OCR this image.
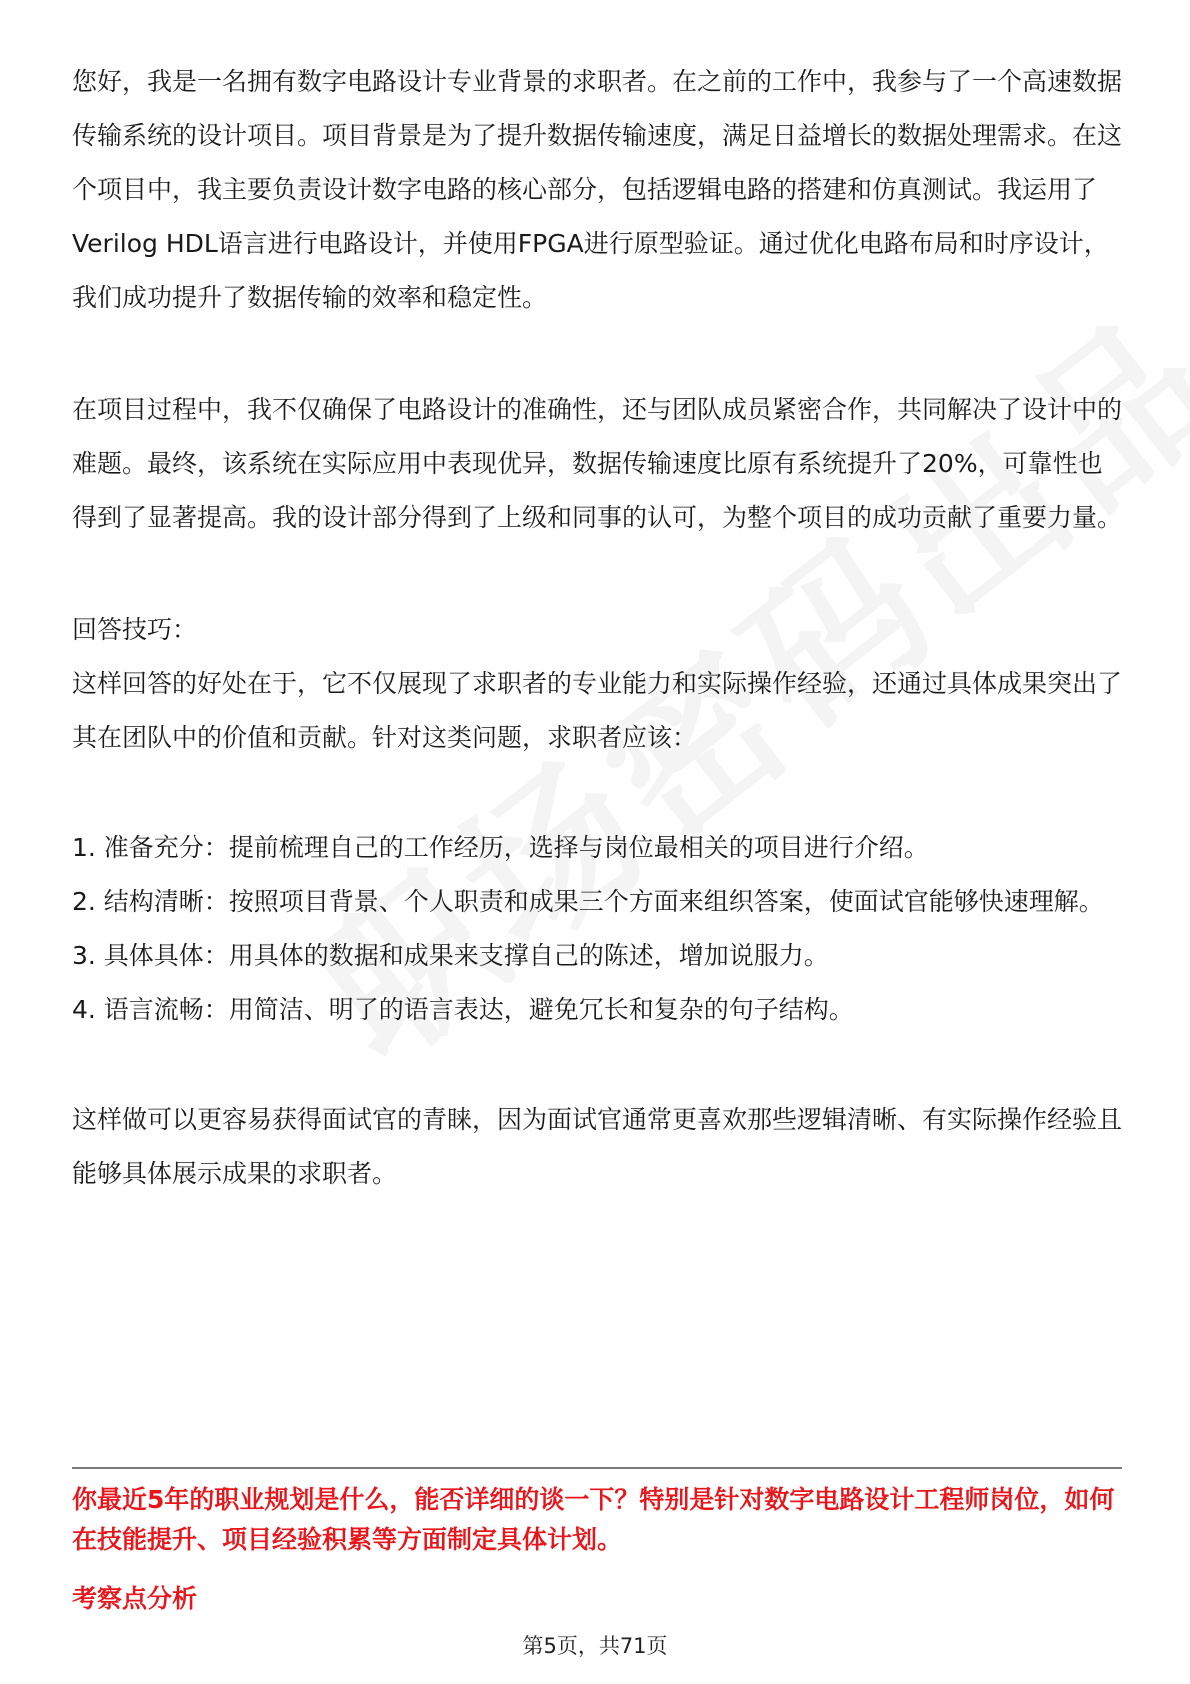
您好，我是一名拥有数字电路设计专业背景的求职者。在之前的工作中，我参与了一个高速数据传输系统的设计项目。项目背景是为了提升数据传输速度，满足日益增长的数据处理需求。在这个项目中，我主要负责设计数字电路的核心部分，包括逻辑电路的搭建和仿真测试。我运用了Verilog HDL语言进行电路设计，并使用FPGA进行原型验证。通过优化电路布局和时序设计，我们成功提升了数据传输的效率和稳定性。

在项目过程中，我不仅确保了电路设计的准确性，还与团队成员紧密合作，共同解决了设计中的难题。最终，该系统在实际应用中表现优异，数据传输速度比原有系统提升了20%，可靠性也得到了显著提高。我的设计部分得到了上级和同事的认可，为整个项目的成功贡献了重要力量。

回答技巧：

这样回答的好处在于，它不仅展现了求职者的专业能力和实际操作经验，还通过具体成果突出了其在团队中的价值和贡献。针对这类问题，求职者应该：

1. 准备充分：提前梳理自己的工作经历，选择与岗位最相关的项目进行介绍。
2. 结构清晰：按照项目背景、个人职责和成果三个方面来组织答案，使面试官能够快速理解。
3. 具体具体：用具体的数据和成果来支撑自己的陈述，增加说服力。
4. 语言流畅：用简洁、明了的语言表达，避免冗长和复杂的句子结构。

这样做可以更容易获得面试官的青睐，因为面试官通常更喜欢那些逻辑清晰、有实际操作经验且能够具体展示成果的求职者。

你最近5年的职业规划是什么，能否详细的谈一下？特别是针对数字电路设计工程师岗位，如何在技能提升、项目经验积累等方面制定具体计划。

考察点分析

第5页，共71页
